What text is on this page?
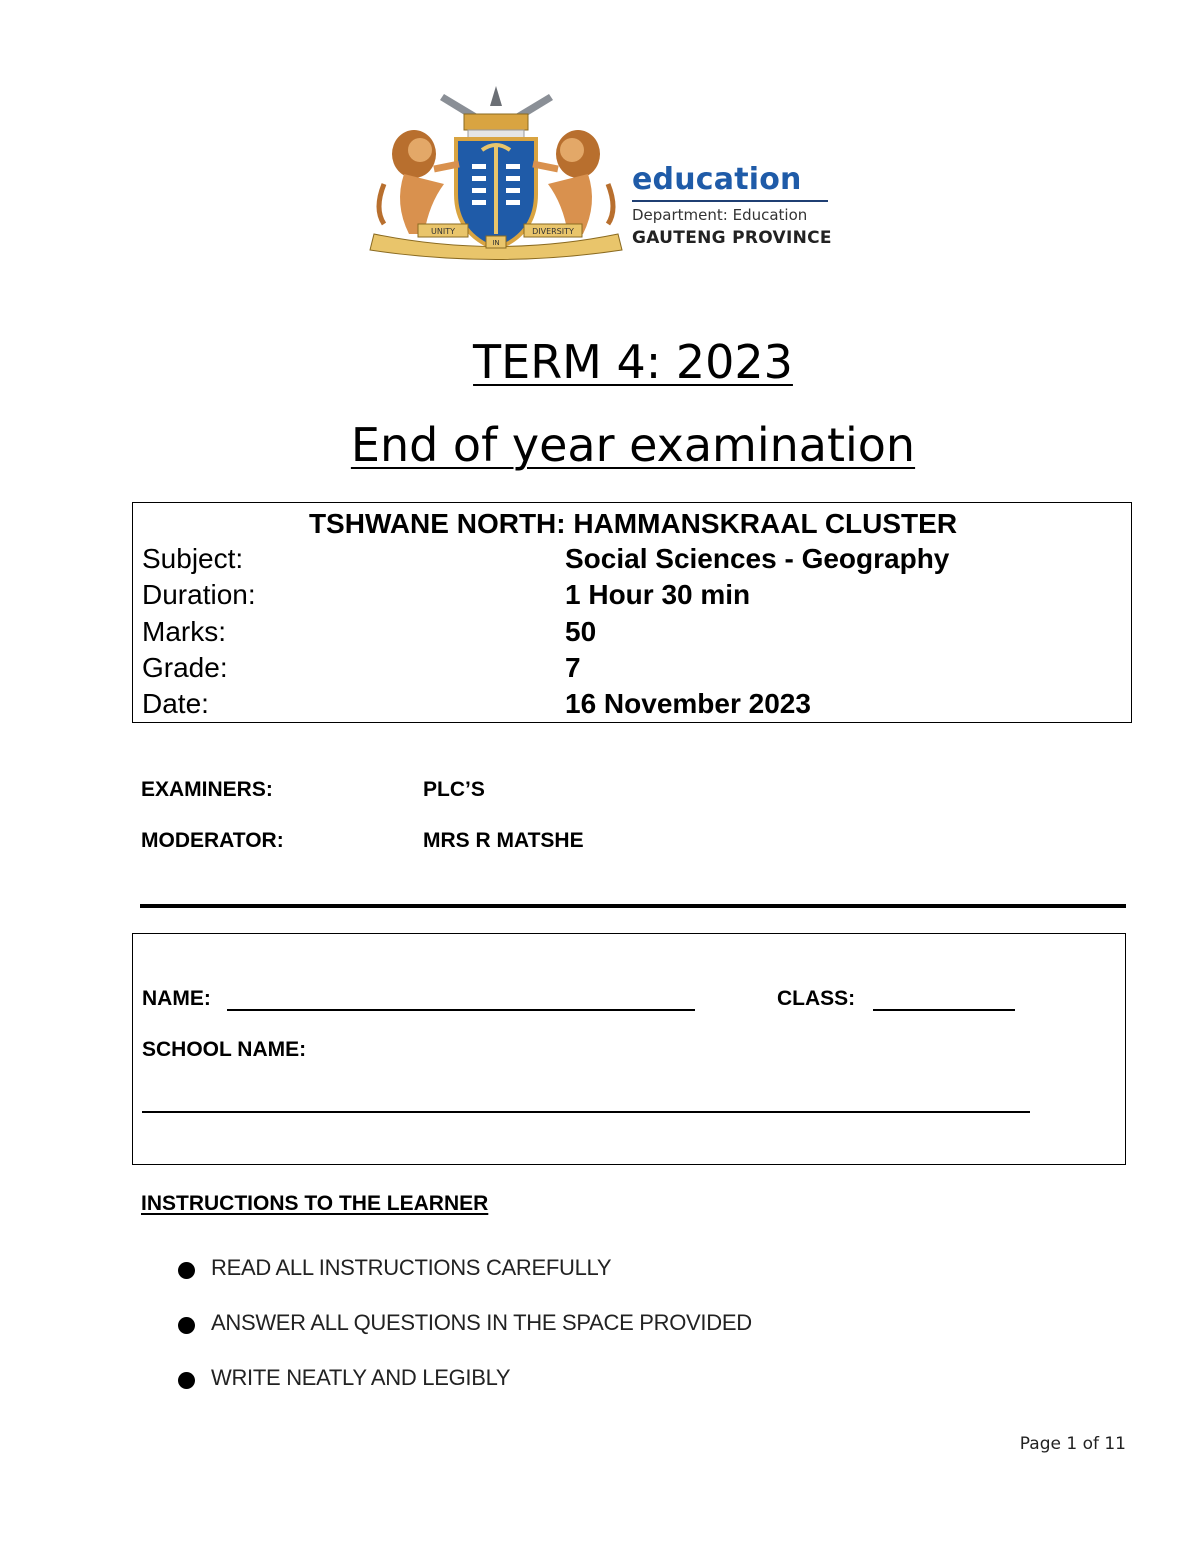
UNITY
IN
DIVERSITY
education
Department: Education
GAUTENG PROVINCE
TERM 4: 2023
End of year examination
TSHWANE NORTH: HAMMANSKRAAL CLUSTER
Subject:	Social Sciences - Geography
Duration:	1 Hour 30 min
Marks:	50
Grade:	7
Date:	16 November 2023
EXAMINERS:	PLC’S
MODERATOR:	MRS R MATSHE
NAME:	CLASS:
SCHOOL NAME:
INSTRUCTIONS TO THE LEARNER
READ ALL INSTRUCTIONS CAREFULLY
ANSWER ALL QUESTIONS IN THE SPACE PROVIDED
WRITE NEATLY AND LEGIBLY
Page 1 of 11
